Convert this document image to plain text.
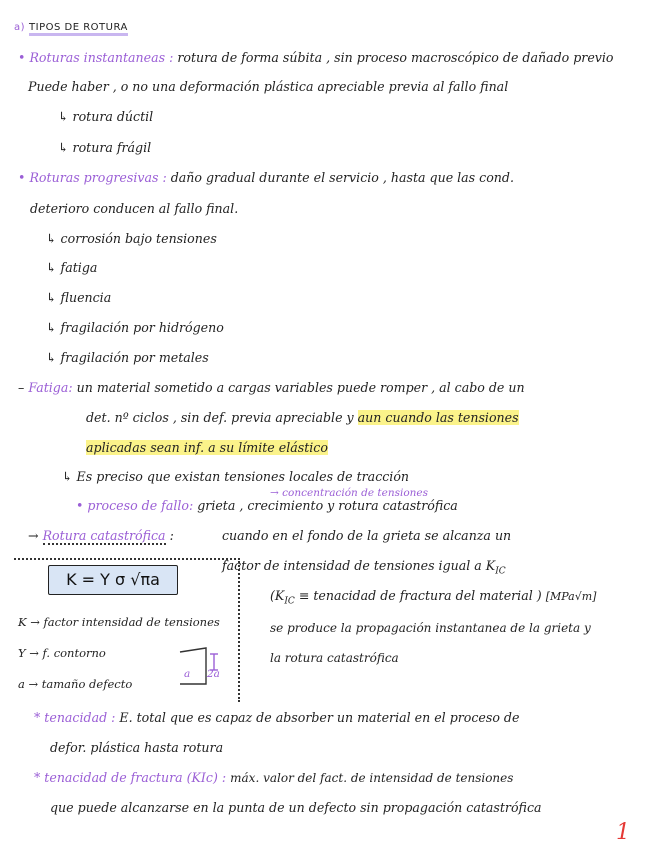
a) TIPOS DE ROTURA
• Roturas instantaneas : rotura de forma súbita , sin proceso macroscópico de dañado previo
Puede haber , o no una deformación plástica apreciable previa al fallo final
↳ rotura dúctil
↳ rotura frágil
• Roturas progresivas : daño gradual durante el servicio , hasta que las cond.
deterioro conducen al fallo final.
↳ corrosión bajo tensiones
↳ fatiga
↳ fluencia
↳ fragilación por hidrógeno
↳ fragilación por metales
– Fatiga: un material sometido a cargas variables puede romper , al cabo de un
det. nº ciclos , sin def. previa apreciable y aun cuando las tensiones
aplicadas sean inf. a su límite elástico
↳ Es preciso que existan tensiones locales de tracción
→ concentración de tensiones
• proceso de fallo: grieta , crecimiento y rotura catastrófica
→ Rotura catastrófica :	cuando en el fondo de la grieta se alcanza un
factor de intensidad de tensiones igual a $K_{IC}$
($K_{IC}$ ≡ tenacidad de fractura del material ) [MPa√m]
se produce la propagación instantanea de la grieta y
la rotura catastrófica
K = Y σ √πa
K → factor intensidad de tensiones
Y → f. contorno
a → tamaño defecto
a 2a
* tenacidad : E. total que es capaz de absorber un material en el proceso de
defor. plástica hasta rotura
* tenacidad de fractura (KIc) : máx. valor del fact. de intensidad de tensiones
que puede alcanzarse en la punta de un defecto sin propagación catastrófica
1
